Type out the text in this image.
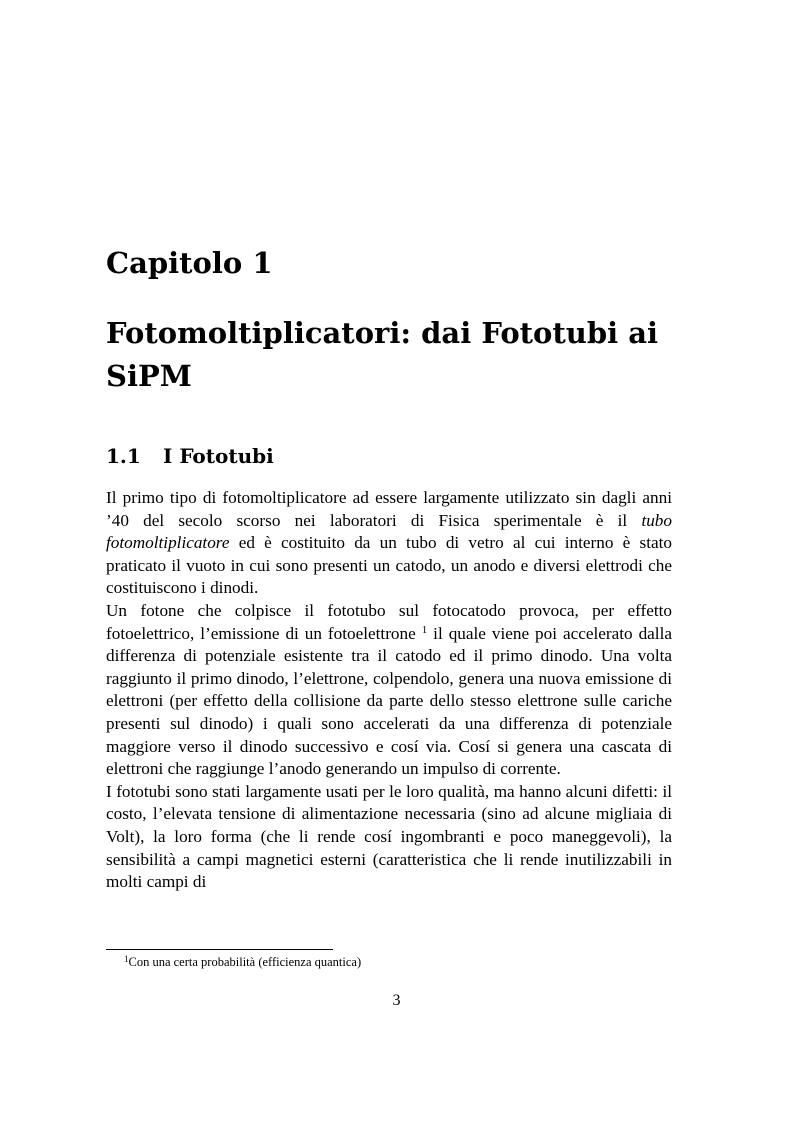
Capitolo 1
Fotomoltiplicatori: dai Fototubi ai
SiPM
1.1 I Fototubi

Il primo tipo di fotomoltiplicatore ad essere largamente utilizzato sin dagli anni ’40 del secolo scorso nei laboratori di Fisica sperimentale è il tubo fotomoltiplicatore ed è costituito da un tubo di vetro al cui interno è stato praticato il vuoto in cui sono presenti un catodo, un anodo e diversi elettrodi che costituiscono i dinodi.

Un fotone che colpisce il fototubo sul fotocatodo provoca, per effetto fotoelettrico, l’emissione di un fotoelettrone $^1$ il quale viene poi accelerato dalla differenza di potenziale esistente tra il catodo ed il primo dinodo. Una volta raggiunto il primo dinodo, l’elettrone, colpendolo, genera una nuova emissione di elettroni (per effetto della collisione da parte dello stesso elettrone sulle cariche presenti sul dinodo) i quali sono accelerati da una differenza di potenziale maggiore verso il dinodo successivo e cosí via. Cosí si genera una cascata di elettroni che raggiunge l’anodo generando un impulso di corrente.

I fototubi sono stati largamente usati per le loro qualità, ma hanno alcuni difetti: il costo, l’elevata tensione di alimentazione necessaria (sino ad alcune migliaia di Volt), la loro forma (che li rende cosí ingombranti e poco maneggevoli), la sensibilità a campi magnetici esterni (caratteristica che li rende inutilizzabili in molti campi di

$^1$Con una certa probabilità (efficienza quantica)
3
